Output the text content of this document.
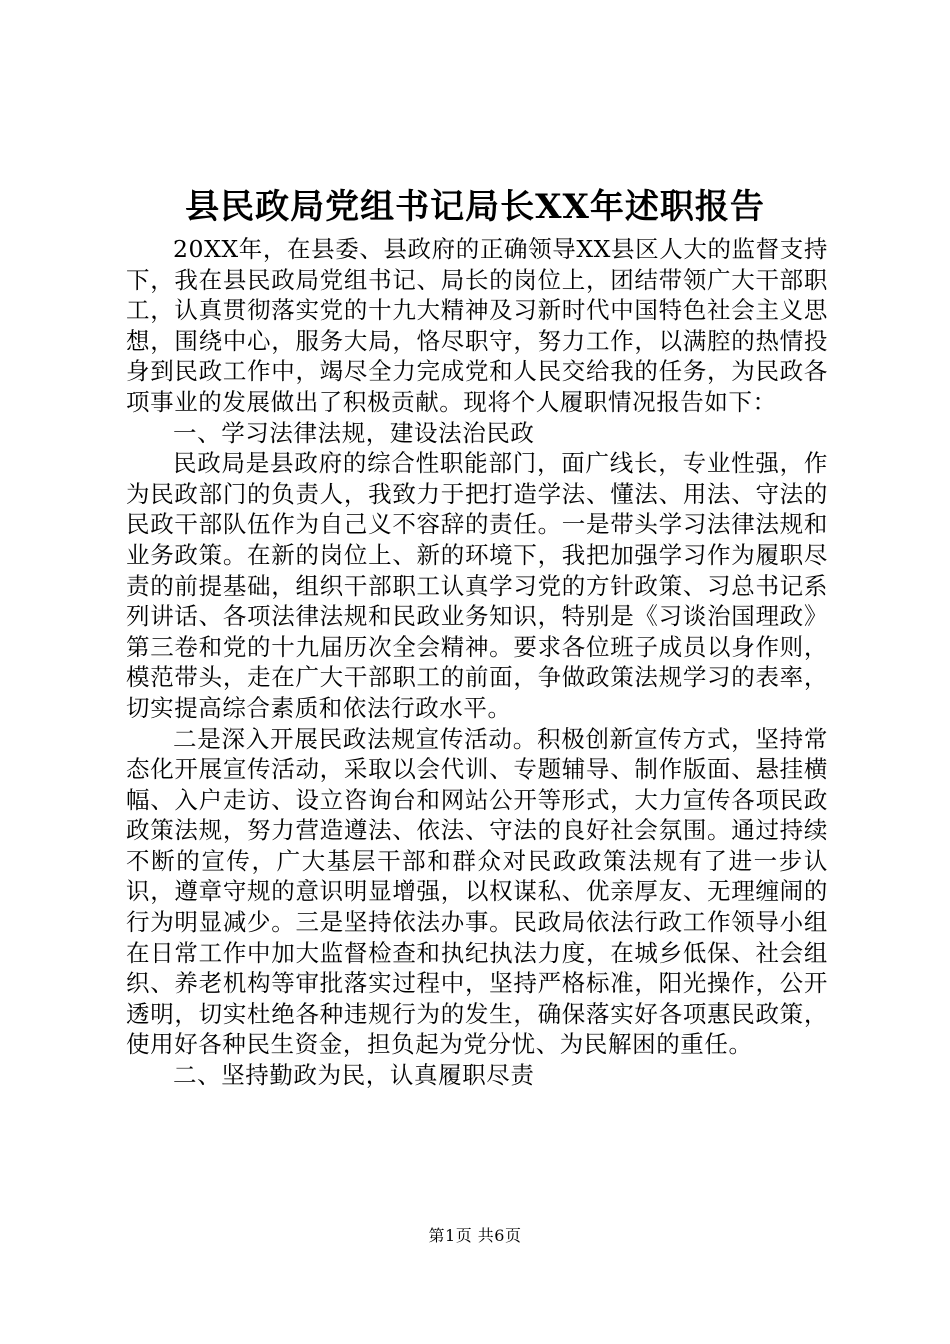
县民政局党组书记局长XX年述职报告

20XX年，在县委、县政府的正确领导XX县区人大的监督支持下，我在县民政局党组书记、局长的岗位上，团结带领广大干部职工，认真贯彻落实党的十九大精神及习新时代中国特色社会主义思想，围绕中心，服务大局，恪尽职守，努力工作，以满腔的热情投身到民政工作中，竭尽全力完成党和人民交给我的任务，为民政各项事业的发展做出了积极贡献。现将个人履职情况报告如下：

一、学习法律法规，建设法治民政

民政局是县政府的综合性职能部门，面广线长，专业性强，作为民政部门的负责人，我致力于把打造学法、懂法、用法、守法的民政干部队伍作为自己义不容辞的责任。一是带头学习法律法规和业务政策。在新的岗位上、新的环境下，我把加强学习作为履职尽责的前提基础，组织干部职工认真学习党的方针政策、习总书记系列讲话、各项法律法规和民政业务知识，特别是《习谈治国理政》第三卷和党的十九届历次全会精神。要求各位班子成员以身作则，模范带头，走在广大干部职工的前面，争做政策法规学习的表率，切实提高综合素质和依法行政水平。

二是深入开展民政法规宣传活动。积极创新宣传方式，坚持常态化开展宣传活动，采取以会代训、专题辅导、制作版面、悬挂横幅、入户走访、设立咨询台和网站公开等形式，大力宣传各项民政政策法规，努力营造遵法、依法、守法的良好社会氛围。通过持续不断的宣传，广大基层干部和群众对民政政策法规有了进一步认识，遵章守规的意识明显增强，以权谋私、优亲厚友、无理缠闹的行为明显减少。三是坚持依法办事。民政局依法行政工作领导小组在日常工作中加大监督检查和执纪执法力度，在城乡低保、社会组织、养老机构等审批落实过程中，坚持严格标准，阳光操作，公开透明，切实杜绝各种违规行为的发生，确保落实好各项惠民政策，使用好各种民生资金，担负起为党分忧、为民解困的重任。

二、坚持勤政为民，认真履职尽责

第1页 共6页
